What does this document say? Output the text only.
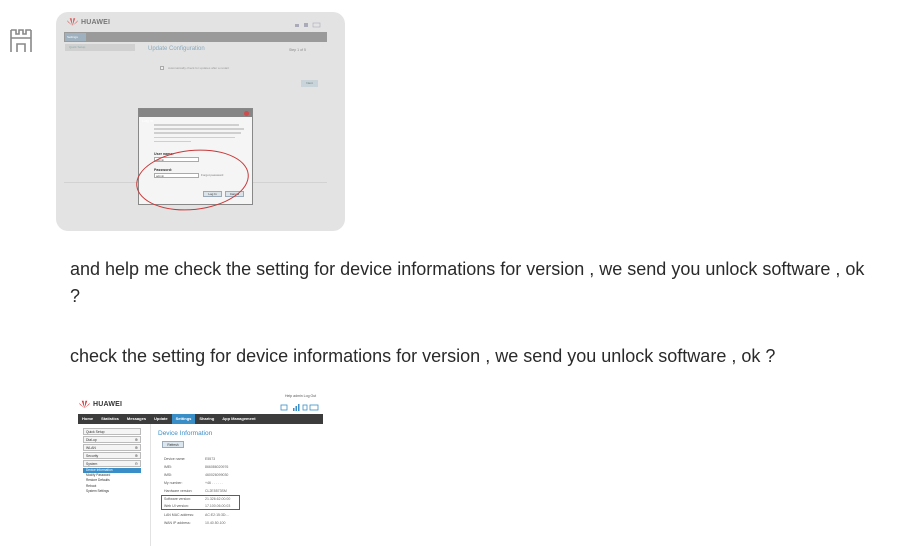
HUAWEI
Settings
Quick Setup	Update Configuration	Step 1 of 5
Automatically check for updates after a restart
Next
Log In
User name:
admin
Password:
admin	Forgot password
Log In	Cancel
and help me check the setting for device informations for version , we send you unlock software , ok ?
check the setting for device informations for version , we send you unlock software , ok ?
Help admin Log Out
HUAWEI
Home	Statistics	Messages	Update	Settings	Sharing	App Management
Quick Setup
Dial-up	⊕
WLAN	⊕
Security	⊕
System	⊖
Device Information
Modify Password
Restore Defaults
Reboot
System Settings
Device Information
Refresh
Device name:	E5573
IMEI:	866086020976
IMSI:	460026099030
My number:	+46 . . . . . .
Hardware version:	CL2E5573SM
Software version:	21.326.62.00.00
Web UI version:	17.100.06.00.03
LAN MAC address:	AC:E2:15:3D:...
WAN IP address:	10.40.50.100
